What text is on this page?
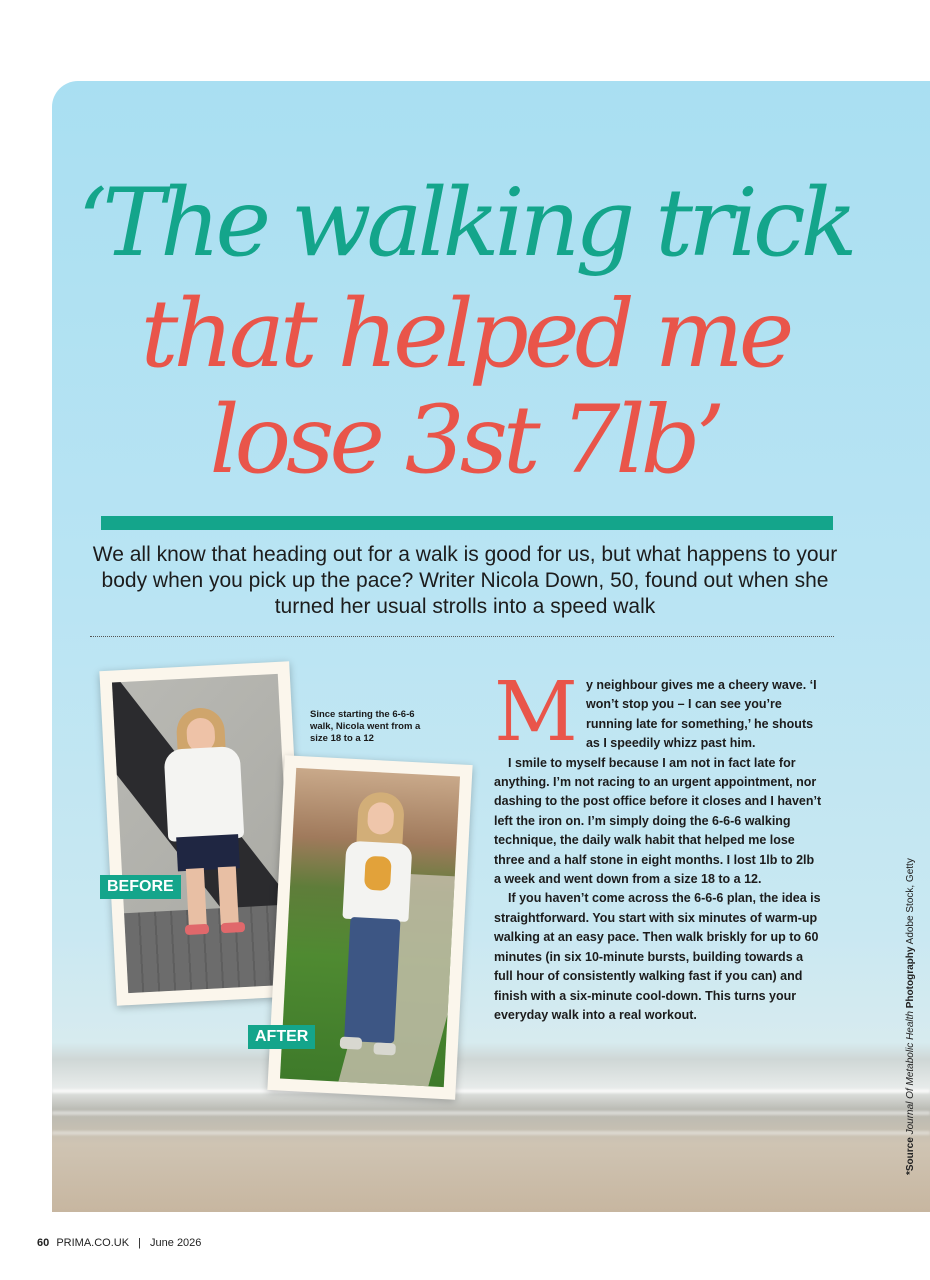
‘The walking trick
that helped me
lose 3st 7lb’

We all know that heading out for a walk is good for us, but what happens to your body when you pick up the pace? Writer Nicola Down, 50, found out when she turned her usual strolls into a speed walk

BEFORE
AFTER

Since starting the 6-6-6 walk, Nicola went from a size 18 to a 12	M y neighbour gives me a cheery wave. ‘I won’t stop you – I can see you’re running late for something,’ he shouts as I speedily whizz past him.

I smile to myself because I am not in fact late for anything. I’m not racing to an urgent appointment, nor dashing to the post office before it closes and I haven’t left the iron on. I’m simply doing the 6-6-6 walking technique, the daily walk habit that helped me lose three and a half stone in eight months. I lost 1lb to 2lb a week and went down from a size 18 to a 12.

If you haven’t come across the 6-6-6 plan, the idea is straightforward. You start with six minutes of warm-up walking at an easy pace. Then walk briskly for up to 60 minutes (in six 10-minute bursts, building towards a full hour of consistently walking fast if you can) and finish with a six-minute cool-down. This turns your everyday walk into a real workout.

*Source Journal Of Metabolic Health Photography Adobe Stock, Getty
60 PRIMA.CO.UK | June 2026
